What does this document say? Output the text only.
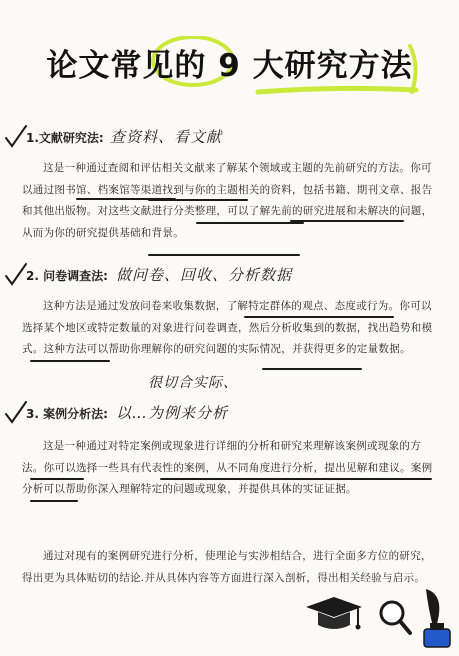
论文常见的 9 大研究方法
1.文献研究法: 查资料、看文献

这是一种通过查阅和评估相关文献来了解某个领域或主题的先前研究的方法。你可以通过图书馆、档案馆等渠道找到与你的主题相关的资料，包括书籍、期刊文章、报告和其他出版物。对这些文献进行分类整理，可以了解先前的研究进展和未解决的问题，从而为你的研究提供基础和背景。

2. 问卷调查法: 做问卷、回收、分析数据

这种方法是通过发放问卷来收集数据，了解特定群体的观点、态度或行为。你可以选择某个地区或特定数量的对象进行问卷调查，然后分析收集到的数据，找出趋势和模式。这种方法可以帮助你理解你的研究问题的实际情况，并获得更多的定量数据。

很切合实际、
3. 案例分析法: 以…为例来分析

这是一种通过对特定案例或现象进行详细的分析和研究来理解该案例或现象的方法。你可以选择一些具有代表性的案例，从不同角度进行分析，提出见解和建议。案例分析可以帮助你深入理解特定的问题或现象，并提供具体的实证证据。

通过对现有的案例研究进行分析，使理论与实涉相结合，进行全面多方位的研究，得出更为具体贴切的结论.并从具体内容等方面进行深入剖析，得出相关经验与启示。
